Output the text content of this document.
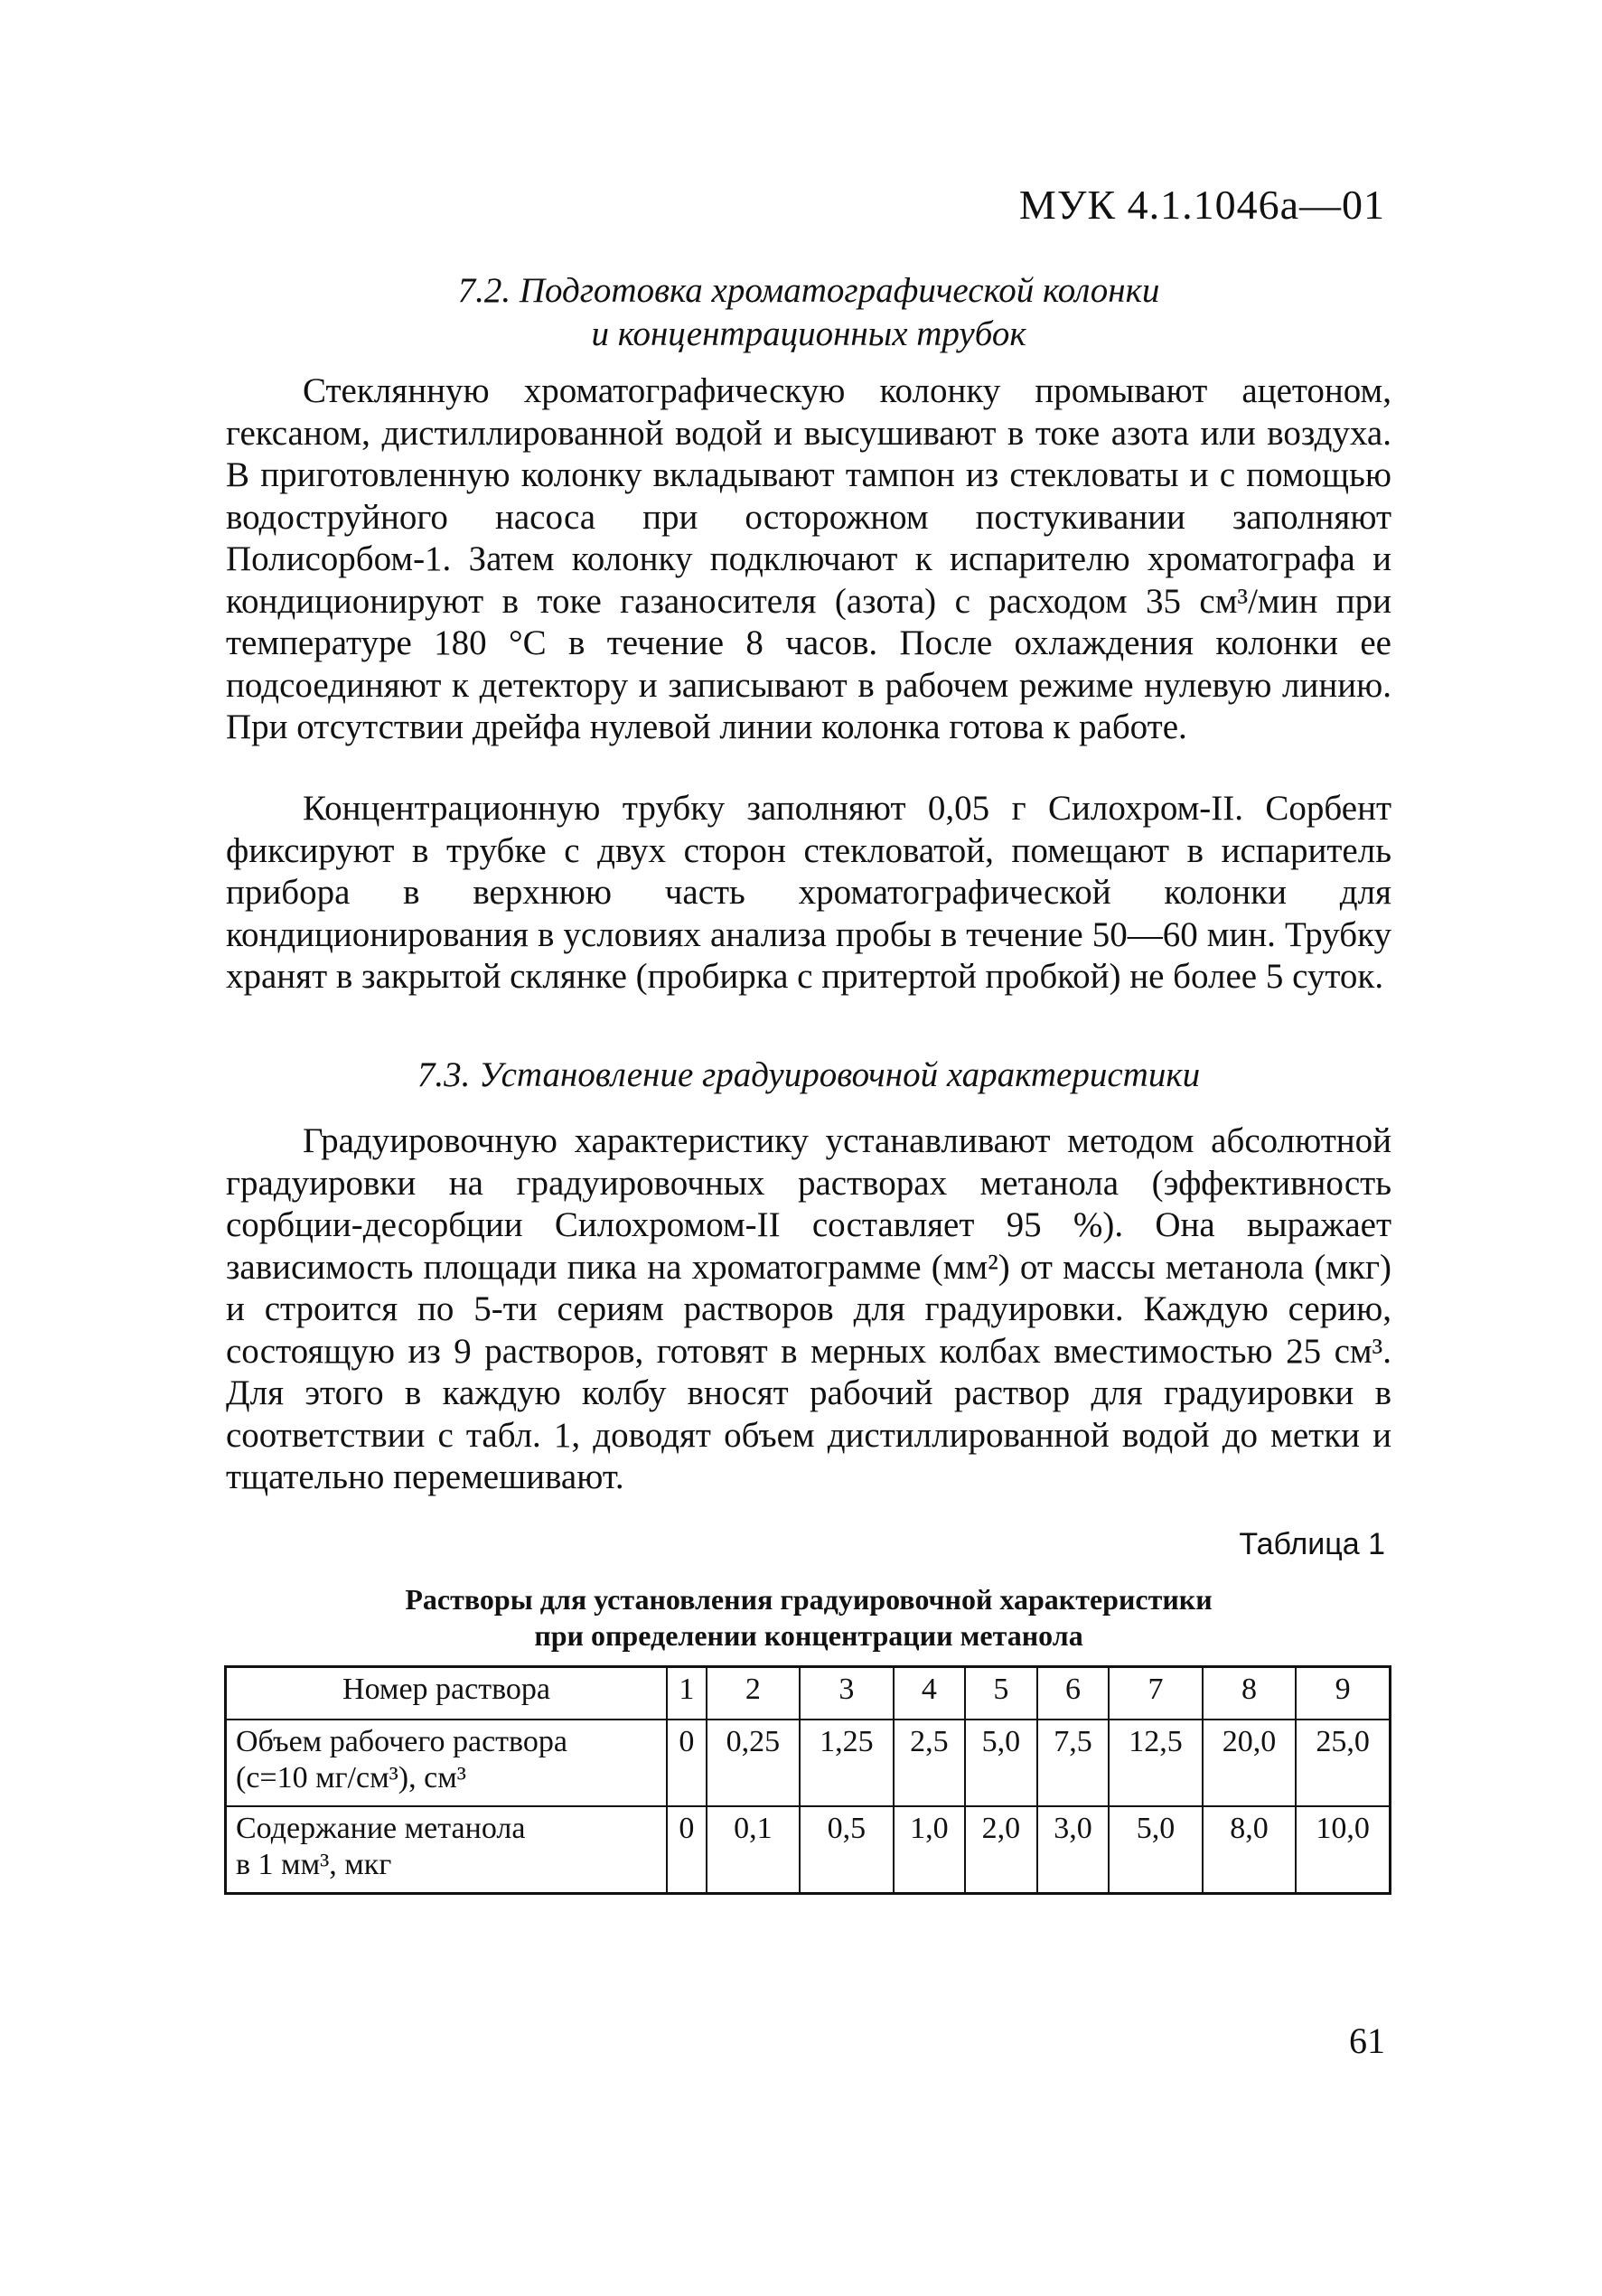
МУК 4.1.1046а—01
7.2. Подготовка хроматографической колонки
и концентрационных трубок

Стеклянную хроматографическую колонку промывают ацетоном, гексаном, дистиллированной водой и высушивают в токе азота или воздуха. В приготовленную колонку вкладывают тампон из стекловаты и с помощью водоструйного насоса при осторожном постукивании заполняют Полисорбом-1. Затем колонку подключают к испарителю хроматографа и кондиционируют в токе газаносителя (азота) с расходом 35 см³/мин при температуре 180 °С в течение 8 часов. После охлаждения колонки ее подсоединяют к детектору и записывают в рабочем режиме нулевую линию. При отсутствии дрейфа нулевой линии колонка готова к работе.

Концентрационную трубку заполняют 0,05 г Силохром-II. Сорбент фиксируют в трубке с двух сторон стекловатой, помещают в испаритель прибора в верхнюю часть хроматографической колонки для кондиционирования в условиях анализа пробы в течение 50—60 мин. Трубку хранят в закрытой склянке (пробирка с притертой пробкой) не более 5 суток.

7.3. Установление градуировочной характеристики

Градуировочную характеристику устанавливают методом абсолютной градуировки на градуировочных растворах метанола (эффективность сорбции-десорбции Силохромом-II составляет 95 %). Она выражает зависимость площади пика на хроматограмме (мм²) от массы метанола (мкг) и строится по 5-ти сериям растворов для градуировки. Каждую серию, состоящую из 9 растворов, готовят в мерных колбах вместимостью 25 см³. Для этого в каждую колбу вносят рабочий раствор для градуировки в соответствии с табл. 1, доводят объем дистиллированной водой до метки и тщательно перемешивают.

Таблица 1
Растворы для установления градуировочной характеристики
при определении концентрации метанола
Номер раствора	1	2	3	4	5	6	7	8	9
Объем рабочего раствора
(с=10 мг/см³), см³	0	0,25	1,25	2,5	5,0	7,5	12,5	20,0	25,0
Содержание метанола
в 1 мм³, мкг	0	0,1	0,5	1,0	2,0	3,0	5,0	8,0	10,0
61
